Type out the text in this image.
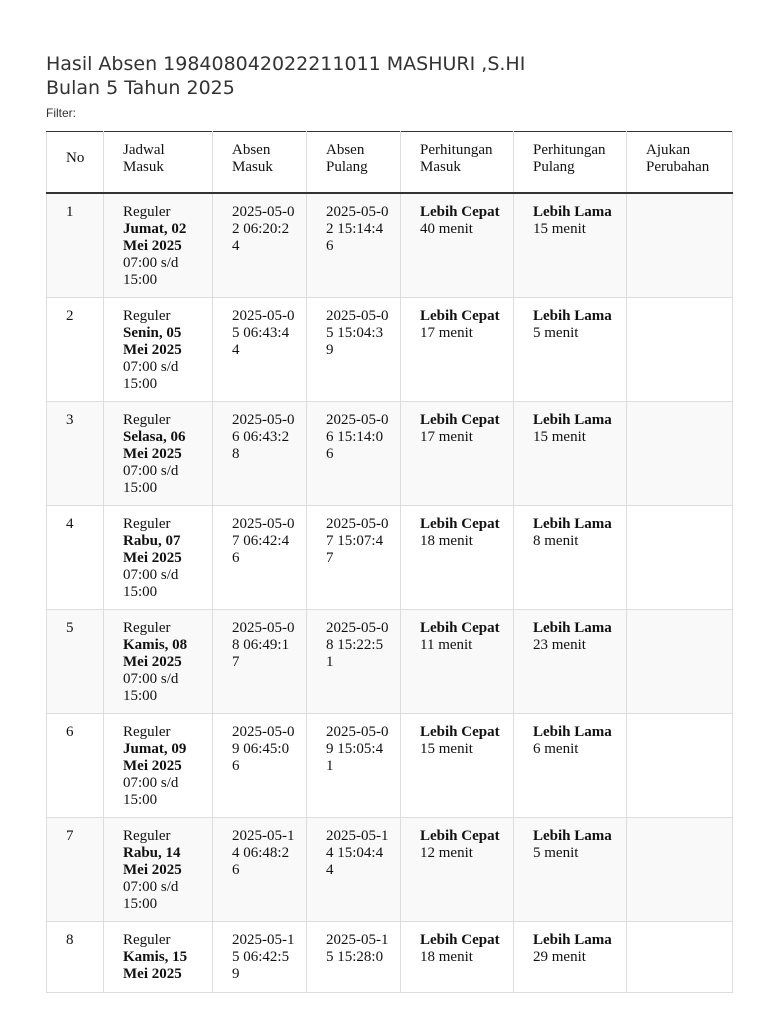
Hasil Absen 198408042022211011 MASHURI ,S.HI
Bulan 5 Tahun 2025
Filter:
No	Jadwal Masuk	Absen Masuk	Absen Pulang	Perhitungan Masuk	Perhitungan Pulang	Ajukan Perubahan
1	Reguler
Jumat, 02 Mei 2025
07:00 s/d 15:00	2025-05-02 06:20:24	2025-05-02 15:14:46	Lebih Cepat 40 menit	Lebih Lama 15 menit	
2	Reguler
Senin, 05 Mei 2025
07:00 s/d 15:00	2025-05-05 06:43:44	2025-05-05 15:04:39	Lebih Cepat 17 menit	Lebih Lama 5 menit	
3	Reguler
Selasa, 06 Mei 2025
07:00 s/d 15:00	2025-05-06 06:43:28	2025-05-06 15:14:06	Lebih Cepat 17 menit	Lebih Lama 15 menit	
4	Reguler
Rabu, 07 Mei 2025
07:00 s/d 15:00	2025-05-07 06:42:46	2025-05-07 15:07:47	Lebih Cepat 18 menit	Lebih Lama 8 menit	
5	Reguler
Kamis, 08 Mei 2025
07:00 s/d 15:00	2025-05-08 06:49:17	2025-05-08 15:22:51	Lebih Cepat 11 menit	Lebih Lama 23 menit	
6	Reguler
Jumat, 09 Mei 2025
07:00 s/d 15:00	2025-05-09 06:45:06	2025-05-09 15:05:41	Lebih Cepat 15 menit	Lebih Lama 6 menit	
7	Reguler
Rabu, 14 Mei 2025
07:00 s/d 15:00	2025-05-14 06:48:26	2025-05-14 15:04:44	Lebih Cepat 12 menit	Lebih Lama 5 menit	
8	Reguler
Kamis, 15 Mei 2025	2025-05-15 06:42:59	2025-05-15 15:28:0	Lebih Cepat 18 menit	Lebih Lama 29 menit	
